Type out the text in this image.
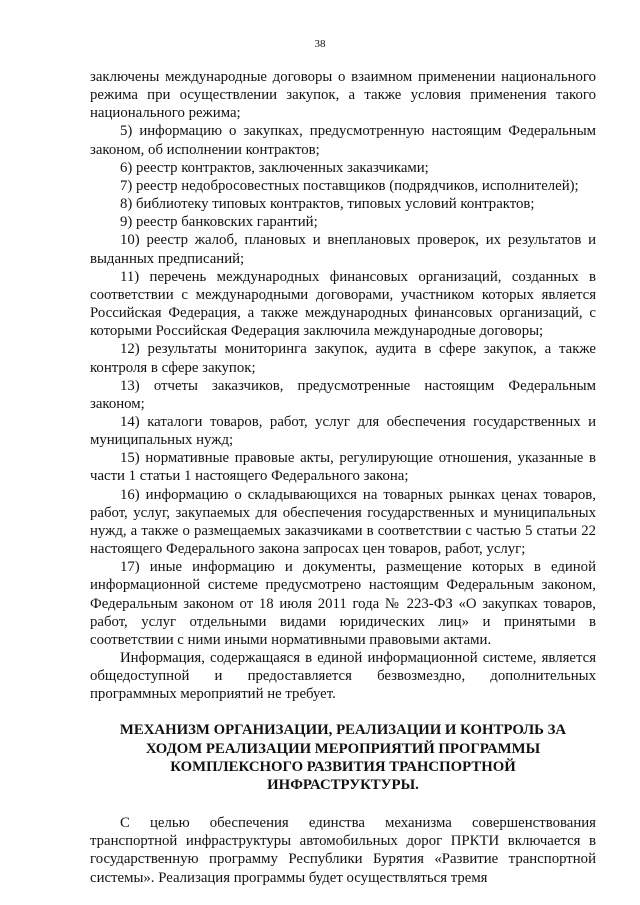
38

заключены международные договоры о взаимном применении национального режима при осуществлении закупок, а также условия применения такого национального режима;

5) информацию о закупках, предусмотренную настоящим Федеральным законом, об исполнении контрактов;

6) реестр контрактов, заключенных заказчиками;

7) реестр недобросовестных поставщиков (подрядчиков, исполнителей);

8) библиотеку типовых контрактов, типовых условий контрактов;

9) реестр банковских гарантий;

10) реестр жалоб, плановых и внеплановых проверок, их результатов и выданных предписаний;

11) перечень международных финансовых организаций, созданных в соответствии с международными договорами, участником которых является Российская Федерация, а также международных финансовых организаций, с которыми Российская Федерация заключила международные договоры;

12) результаты мониторинга закупок, аудита в сфере закупок, а также контроля в сфере закупок;

13) отчеты заказчиков, предусмотренные настоящим Федеральным законом;

14) каталоги товаров, работ, услуг для обеспечения государственных и муниципальных нужд;

15) нормативные правовые акты, регулирующие отношения, указанные в части 1 статьи 1 настоящего Федерального закона;

16) информацию о складывающихся на товарных рынках ценах товаров, работ, услуг, закупаемых для обеспечения государственных и муниципальных нужд, а также о размещаемых заказчиками в соответствии с частью 5 статьи 22 настоящего Федерального закона запросах цен товаров, работ, услуг;

17) иные информацию и документы, размещение которых в единой информационной системе предусмотрено настоящим Федеральным законом, Федеральным законом от 18 июля 2011 года № 223-ФЗ «О закупках товаров, работ, услуг отдельными видами юридических лиц» и принятыми в соответствии с ними иными нормативными правовыми актами.

Информация, содержащаяся в единой информационной системе, является общедоступной и предоставляется безвозмездно, дополнительных программных мероприятий не требует.

МЕХАНИЗМ ОРГАНИЗАЦИИ, РЕАЛИЗАЦИИ И КОНТРОЛЬ ЗА ХОДОМ РЕАЛИЗАЦИИ МЕРОПРИЯТИЙ ПРОГРАММЫ КОМПЛЕКСНОГО РАЗВИТИЯ ТРАНСПОРТНОЙ ИНФРАСТРУКТУРЫ.

С целью обеспечения единства механизма совершенствования транспортной инфраструктуры автомобильных дорог ПРКТИ включается в государственную программу Республики Бурятия «Развитие транспортной системы». Реализация программы будет осуществляться тремя
